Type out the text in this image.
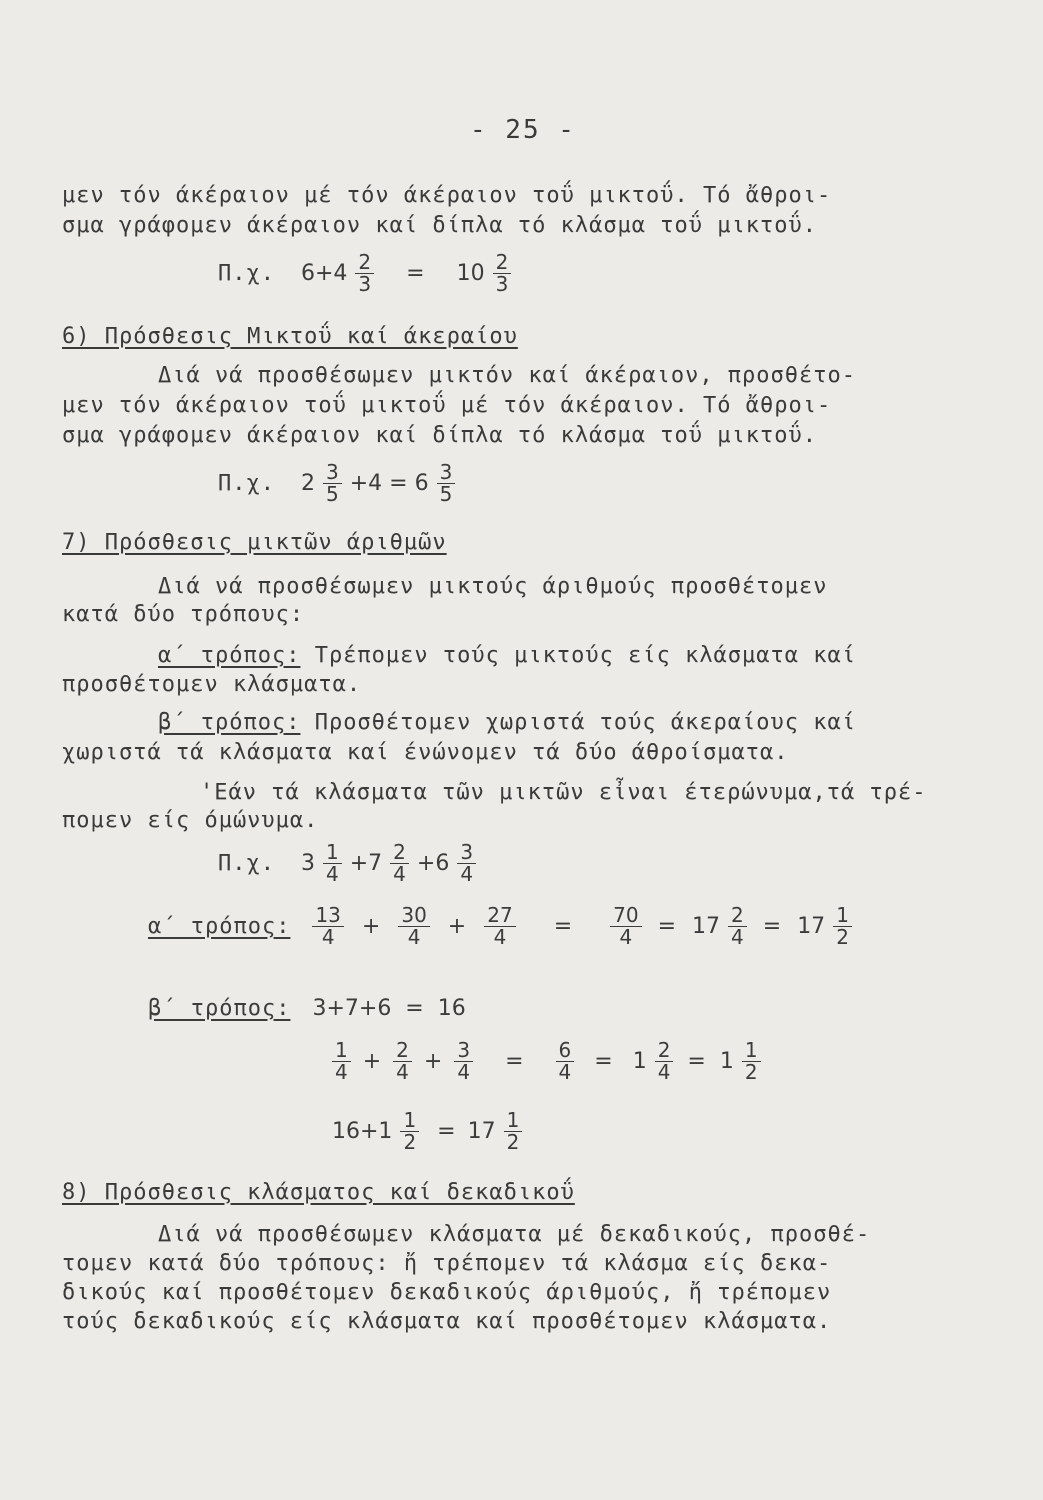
- 25 -
μεν τόν άκέραιον μέ τόν άκέραιον τοΰ μικτοΰ. Τό ἄθροι-
σμα γράφομεν άκέραιον καί δίπλα τό κλάσμα τοΰ μικτοΰ.
Π.χ. $6+4 \frac{2}{3} = 10 \frac{2}{3}$
6) Πρόσθεσις Μικτοΰ καί άκεραίου
Διά νά προσθέσωμεν μικτόν καί άκέραιον, προσθέτο-
μεν τόν άκέραιον τοΰ μικτοΰ μέ τόν άκέραιον. Τό ἄθροι-
σμα γράφομεν άκέραιον καί δίπλα τό κλάσμα τοΰ μικτοΰ.
Π.χ. $2 \frac{3}{5} +4 = 6 \frac{3}{5}$
7) Πρόσθεσις μικτῶν άριθμῶν
Διά νά προσθέσωμεν μικτούς άριθμούς προσθέτομεν
κατά δύο τρόπους:
α΄ τρόπος: Τρέπομεν τούς μικτούς είς κλάσματα καί
προσθέτομεν κλάσματα.
β΄ τρόπος: Προσθέτομεν χωριστά τούς άκεραίους καί
χωριστά τά κλάσματα καί ένώνομεν τά δύο άθροίσματα.
'Εάν τά κλάσματα τῶν μικτῶν εἶναι έτερώνυμα,τά τρέ-
πομεν είς όμώνυμα.
Π.χ. $3 \frac{1}{4} +7 \frac{2}{4} +6 \frac{3}{4}$
α΄ τρόπος: $\frac{13}{4} + \frac{30}{4} + \frac{27}{4} = \frac{70}{4} = 17 \frac{2}{4} = 17 \frac{1}{2}$
β΄ τρόπος: 3+7+6  =  16
$\frac{1}{4} + \frac{2}{4} + \frac{3}{4} = \frac{6}{4} = 1 \frac{2}{4} = 1 \frac{1}{2}$
$16+1 \frac{1}{2} = 17 \frac{1}{2}$
8) Πρόσθεσις κλάσματος καί δεκαδικοΰ
Διά νά προσθέσωμεν κλάσματα μέ δεκαδικούς, προσθέ-
τομεν κατά δύο τρόπους: ἤ τρέπομεν τά κλάσμα είς δεκα-
δικούς καί προσθέτομεν δεκαδικούς άριθμούς, ἤ τρέπομεν
τούς δεκαδικούς είς κλάσματα καί προσθέτομεν κλάσματα.
